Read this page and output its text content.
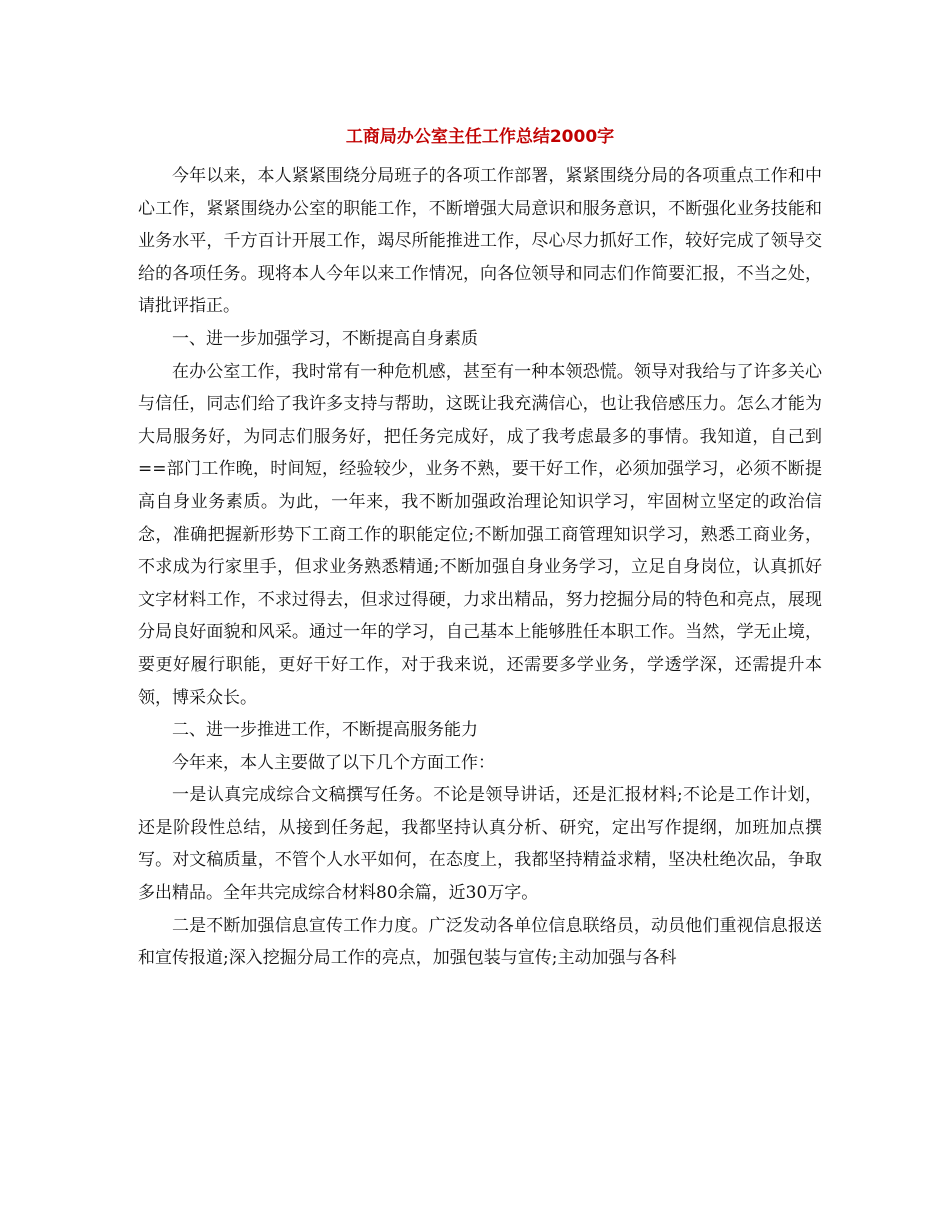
工商局办公室主任工作总结2000字

今年以来，本人紧紧围绕分局班子的各项工作部署，紧紧围绕分局的各项重点工作和中心工作，紧紧围绕办公室的职能工作，不断增强大局意识和服务意识，不断强化业务技能和业务水平，千方百计开展工作，竭尽所能推进工作，尽心尽力抓好工作，较好完成了领导交给的各项任务。现将本人今年以来工作情况，向各位领导和同志们作简要汇报，不当之处，请批评指正。

一、进一步加强学习，不断提高自身素质

在办公室工作，我时常有一种危机感，甚至有一种本领恐慌。领导对我给与了许多关心与信任，同志们给了我许多支持与帮助，这既让我充满信心，也让我倍感压力。怎么才能为大局服务好，为同志们服务好，把任务完成好，成了我考虑最多的事情。我知道，自己到==部门工作晚，时间短，经验较少，业务不熟，要干好工作，必须加强学习，必须不断提高自身业务素质。为此，一年来，我不断加强政治理论知识学习，牢固树立坚定的政治信念，准确把握新形势下工商工作的职能定位;不断加强工商管理知识学习，熟悉工商业务，不求成为行家里手，但求业务熟悉精通;不断加强自身业务学习，立足自身岗位，认真抓好文字材料工作，不求过得去，但求过得硬，力求出精品，努力挖掘分局的特色和亮点，展现分局良好面貌和风采。通过一年的学习，自己基本上能够胜任本职工作。当然，学无止境，要更好履行职能，更好干好工作，对于我来说，还需要多学业务，学透学深，还需提升本领，博采众长。

二、进一步推进工作，不断提高服务能力

今年来，本人主要做了以下几个方面工作：

一是认真完成综合文稿撰写任务。不论是领导讲话，还是汇报材料;不论是工作计划，还是阶段性总结，从接到任务起，我都坚持认真分析、研究，定出写作提纲，加班加点撰写。对文稿质量，不管个人水平如何，在态度上，我都坚持精益求精，坚决杜绝次品，争取多出精品。全年共完成综合材料80余篇，近30万字。

二是不断加强信息宣传工作力度。广泛发动各单位信息联络员，动员他们重视信息报送和宣传报道;深入挖掘分局工作的亮点，加强包装与宣传;主动加强与各科
